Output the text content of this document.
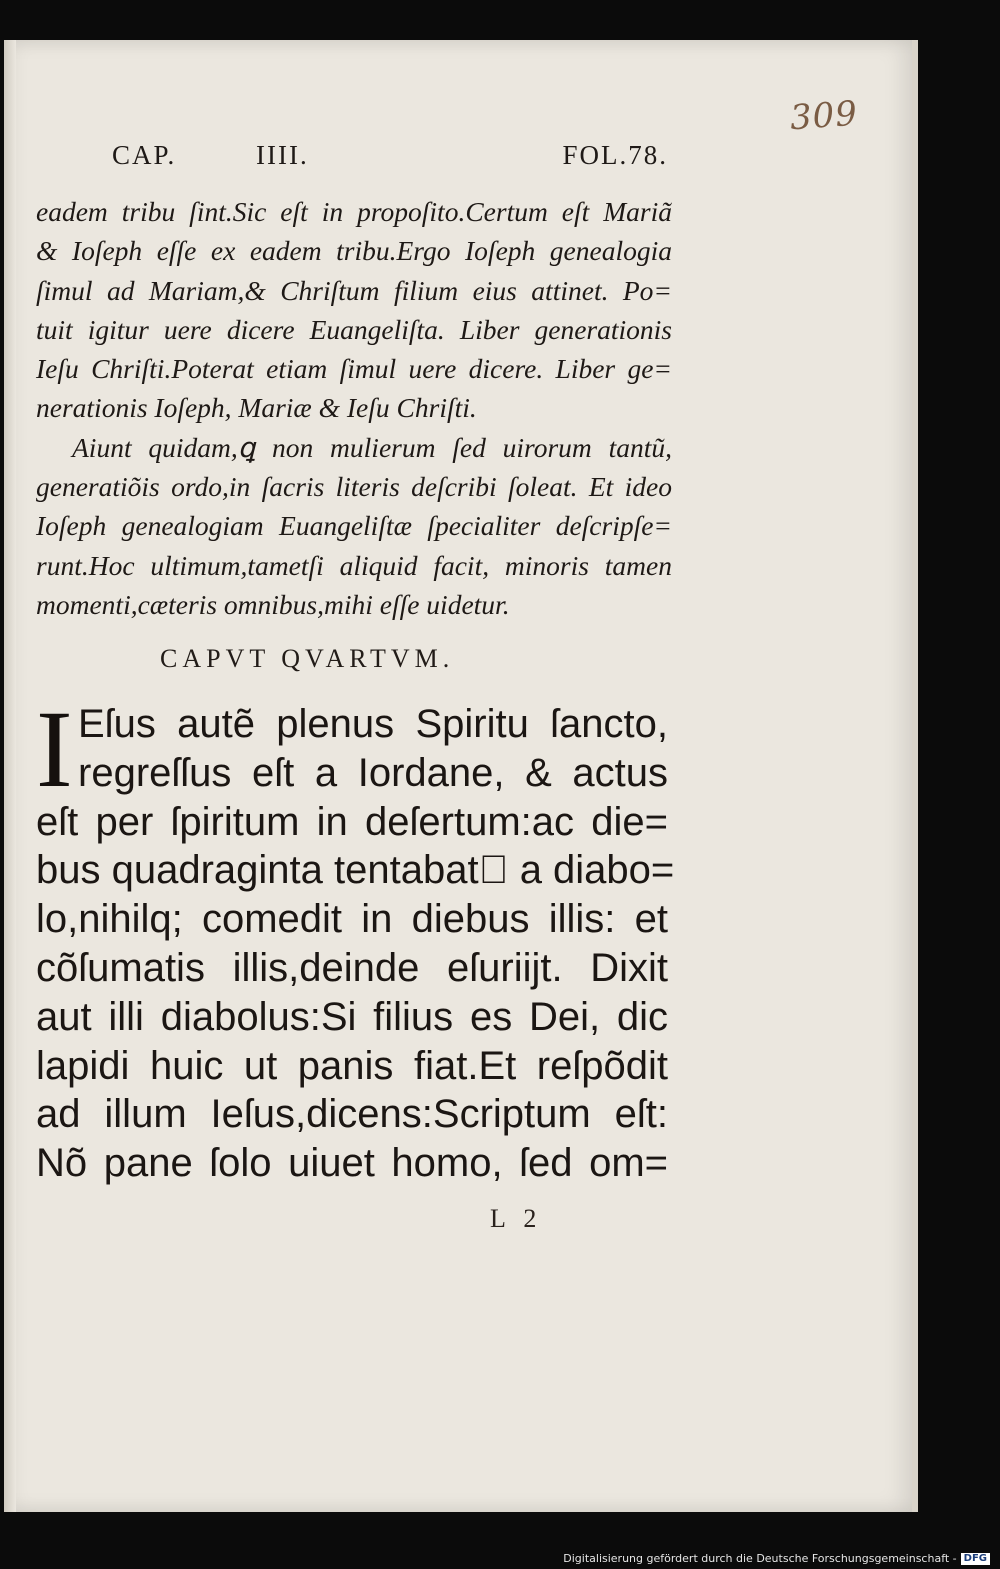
309
CAP.	IIII.	FOL.78.
eadem tribu ſint.Sic eſt in propoſito.Certum eſt Mariã
& Ioſeph eſſe ex eadem tribu.Ergo Ioſeph genealogia
ſimul ad Mariam,& Chriſtum filium eius attinet. Po=
tuit igitur uere dicere Euangeliſta. Liber generationis
Ieſu Chriſti.Poterat etiam ſimul uere dicere. Liber ge=
nerationis Ioſeph, Mariæ & Ieſu Chriſti.
Aiunt quidam,ꝗ non mulierum ſed uirorum tantũ,
generatiõis ordo,in ſacris literis deſcribi ſoleat. Et ideo
Ioſeph genealogiam Euangeliſtæ ſpecialiter deſcripſe=
runt.Hoc ultimum,tametſi aliquid facit, minoris tamen
momenti,cæteris omnibus,mihi eſſe uidetur.
CAPVT QVARTVM.
I Eſus autẽ plenus Spiritu ſancto,
regreſſus eſt a Iordane, & actus
eſt per ſpiritum in deſertum:ac die=
bus quadraginta tentabatᷣ a diabo=
lo,nihilq; comedit in diebus illis: et
cõſumatis illis,deinde eſuriĳt. Dixit
aut illi diabolus:Si filius es Dei, dic
lapidi huic ut panis fiat.Et reſpõdit
ad illum Ieſus,dicens:Scriptum eſt:
Nõ pane ſolo uiuet homo, ſed om=
L 2
Digitalisierung gefördert durch die Deutsche Forschungsgemeinschaft - DFG
